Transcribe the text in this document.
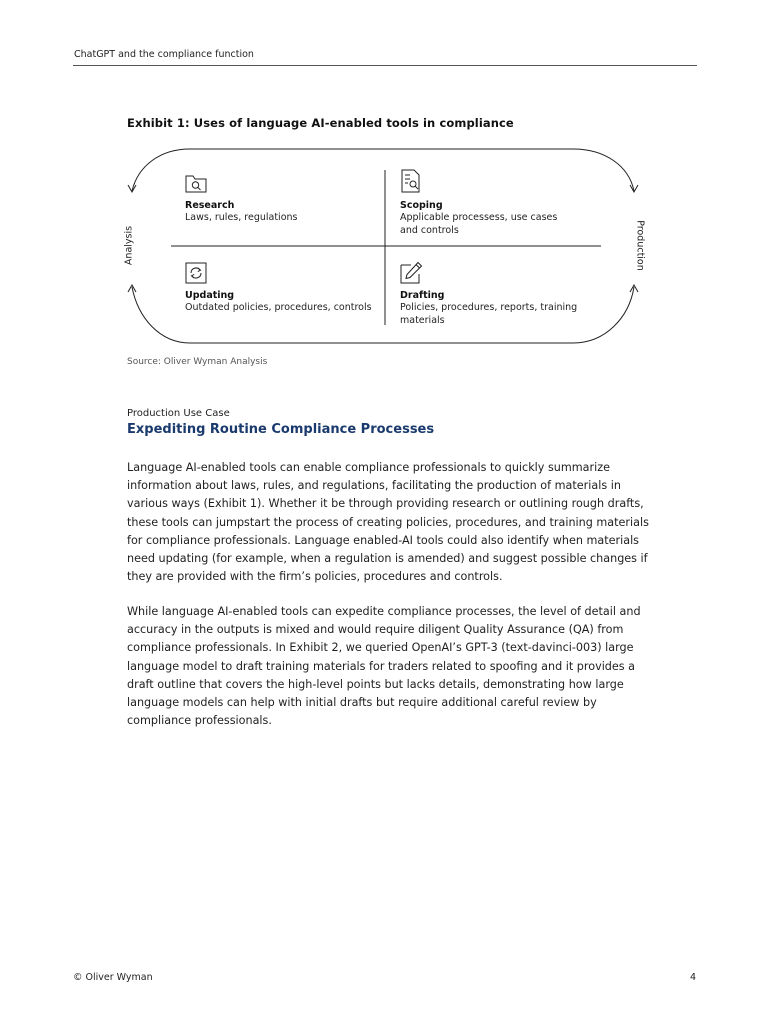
ChatGPT and the compliance function
Exhibit 1: Uses of language AI-enabled tools in compliance
Research
Laws, rules, regulations
Scoping
Applicable processess, use cases and controls
Updating
Outdated policies, procedures, controls
Drafting
Policies, procedures, reports, training materials
Analysis	Production
Source: Oliver Wyman Analysis
Production Use Case
Expediting Routine Compliance Processes

Language AI-enabled tools can enable compliance professionals to quickly summarize information about laws, rules, and regulations, facilitating the production of materials in various ways (Exhibit 1). Whether it be through providing research or outlining rough drafts, these tools can jumpstart the process of creating policies, procedures, and training materials for compliance professionals. Language enabled-AI tools could also identify when materials need updating (for example, when a regulation is amended) and suggest possible changes if they are provided with the firm’s policies, procedures and controls.

While language AI-enabled tools can expedite compliance processes, the level of detail and accuracy in the outputs is mixed and would require diligent Quality Assurance (QA) from compliance professionals. In Exhibit 2, we queried OpenAI’s GPT-3 (text-davinci-003) large language model to draft training materials for traders related to spoofing and it provides a draft outline that covers the high-level points but lacks details, demonstrating how large language models can help with initial drafts but require additional careful review by compliance professionals.

© Oliver Wyman	4
